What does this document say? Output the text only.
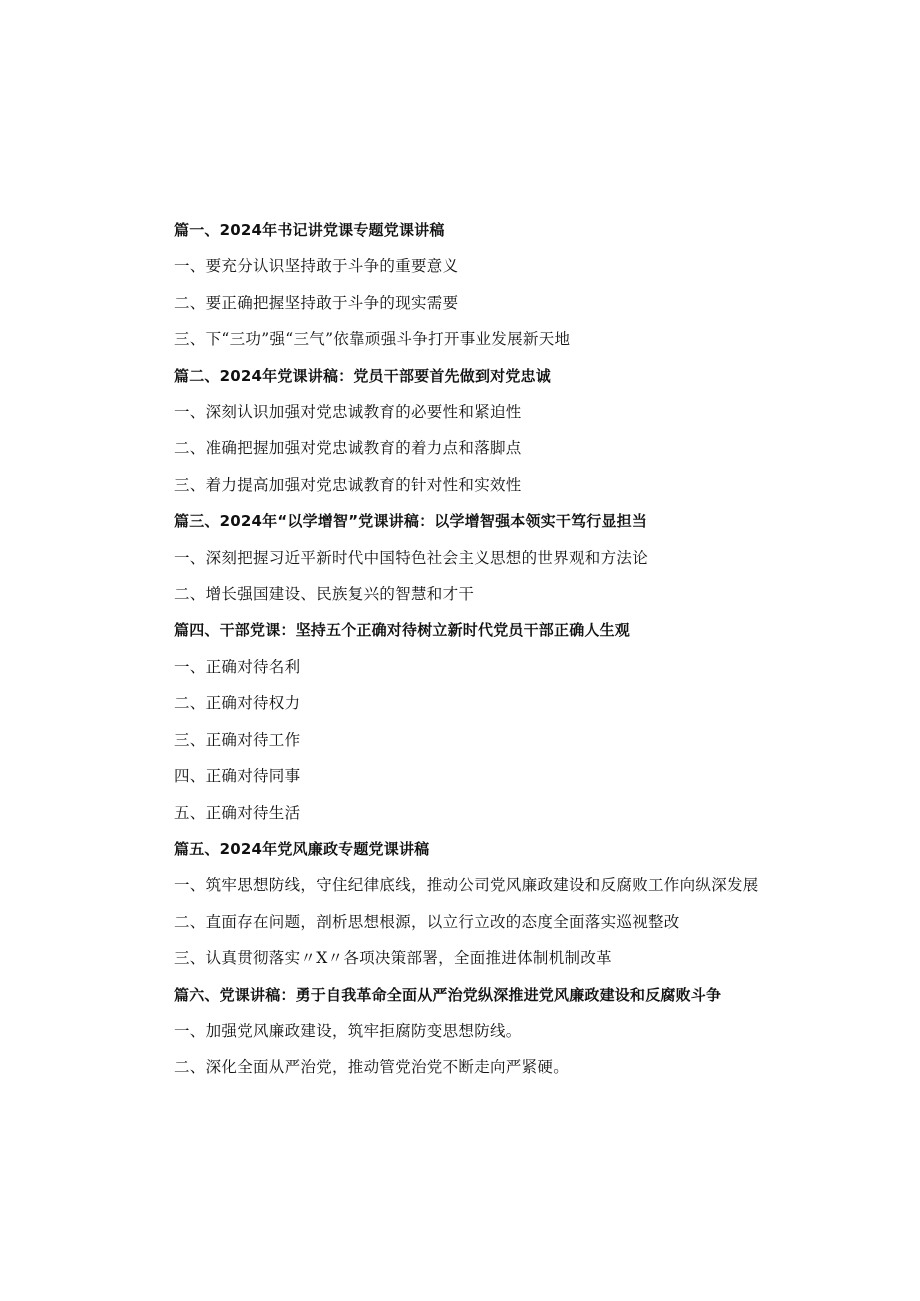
篇一、2024年书记讲党课专题党课讲稿
一、要充分认识坚持敢于斗争的重要意义
二、要正确把握坚持敢于斗争的现实需要
三、下“三功”强“三气”依靠顽强斗争打开事业发展新天地
篇二、2024年党课讲稿：党员干部要首先做到对党忠诚
一、深刻认识加强对党忠诚教育的必要性和紧迫性
二、准确把握加强对党忠诚教育的着力点和落脚点
三、着力提高加强对党忠诚教育的针对性和实效性
篇三、2024年“以学增智”党课讲稿：以学增智强本领实干笃行显担当
一、深刻把握习近平新时代中国特色社会主义思想的世界观和方法论
二、增长强国建设、民族复兴的智慧和才干
篇四、干部党课：坚持五个正确对待树立新时代党员干部正确人生观
一、正确对待名利
二、正确对待权力
三、正确对待工作
四、正确对待同事
五、正确对待生活
篇五、2024年党风廉政专题党课讲稿
一、筑牢思想防线，守住纪律底线，推动公司党风廉政建设和反腐败工作向纵深发展
二、直面存在问题，剖析思想根源，以立行立改的态度全面落实巡视整改
三、认真贯彻落实〃X〃各项决策部署，全面推进体制机制改革
篇六、党课讲稿：勇于自我革命全面从严治党纵深推进党风廉政建设和反腐败斗争
一、加强党风廉政建设，筑牢拒腐防变思想防线。
二、深化全面从严治党，推动管党治党不断走向严紧硬。
